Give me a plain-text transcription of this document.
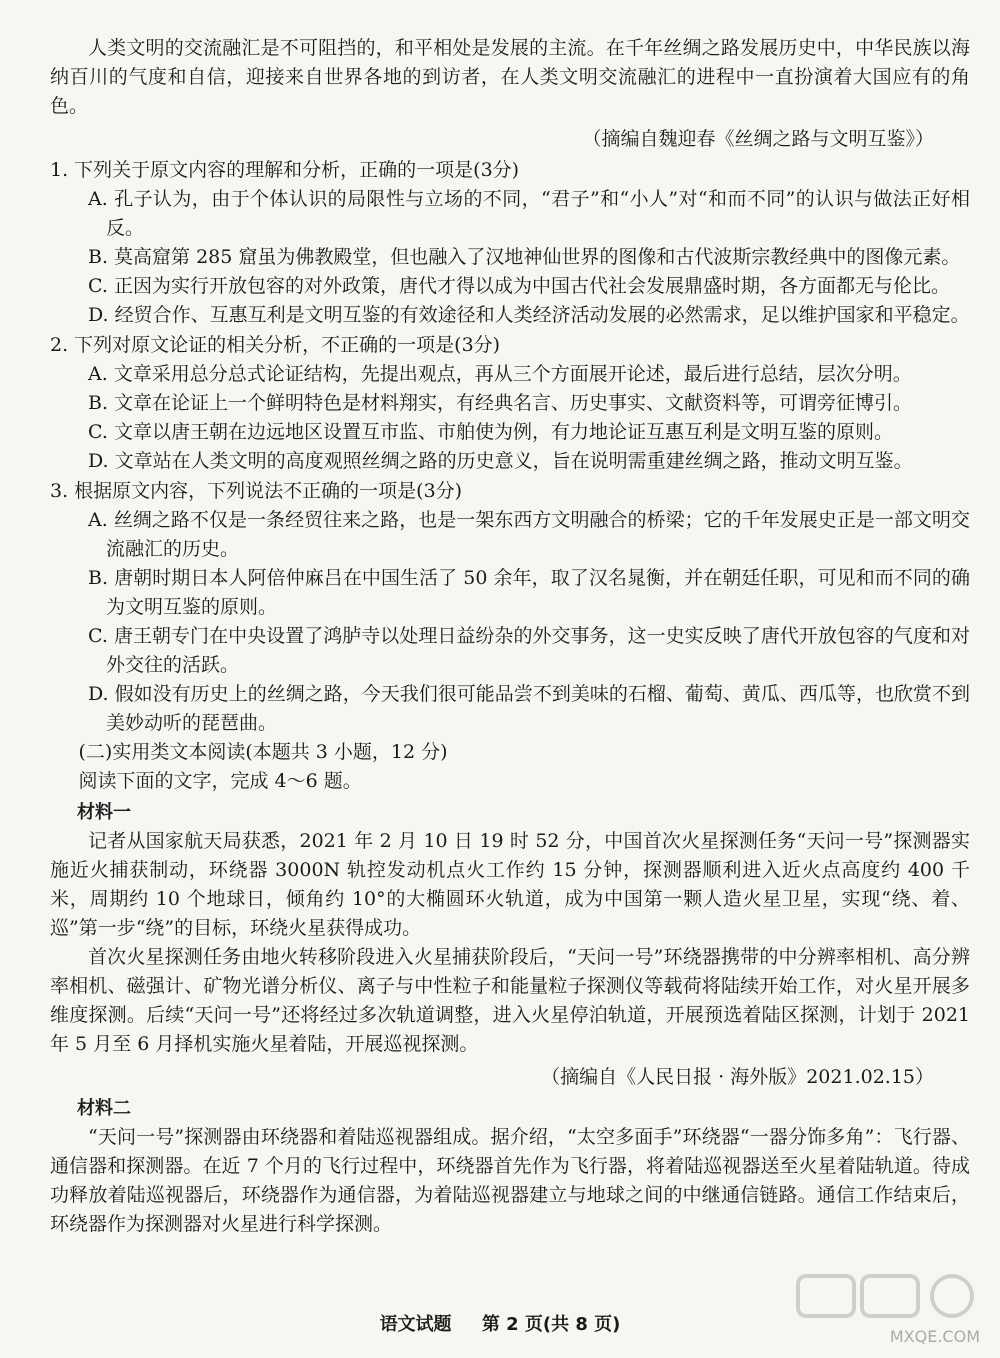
人类文明的交流融汇是不可阻挡的，和平相处是发展的主流。在千年丝绸之路发展历史中，中华民族以海纳百川的气度和自信，迎接来自世界各地的到访者，在人类文明交流融汇的进程中一直扮演着大国应有的角色。

（摘编自魏迎春《丝绸之路与文明互鉴》）

1. 下列关于原文内容的理解和分析，正确的一项是(3分)

A. 孔子认为，由于个体认识的局限性与立场的不同，“君子”和“小人”对“和而不同”的认识与做法正好相反。

B. 莫高窟第 285 窟虽为佛教殿堂，但也融入了汉地神仙世界的图像和古代波斯宗教经典中的图像元素。

C. 正因为实行开放包容的对外政策，唐代才得以成为中国古代社会发展鼎盛时期，各方面都无与伦比。

D. 经贸合作、互惠互利是文明互鉴的有效途径和人类经济活动发展的必然需求，足以维护国家和平稳定。

2. 下列对原文论证的相关分析，不正确的一项是(3分)

A. 文章采用总分总式论证结构，先提出观点，再从三个方面展开论述，最后进行总结，层次分明。

B. 文章在论证上一个鲜明特色是材料翔实，有经典名言、历史事实、文献资料等，可谓旁征博引。

C. 文章以唐王朝在边远地区设置互市监、市舶使为例，有力地论证互惠互利是文明互鉴的原则。

D. 文章站在人类文明的高度观照丝绸之路的历史意义，旨在说明需重建丝绸之路，推动文明互鉴。

3. 根据原文内容，下列说法不正确的一项是(3分)

A. 丝绸之路不仅是一条经贸往来之路，也是一架东西方文明融合的桥梁；它的千年发展史正是一部文明交流融汇的历史。

B. 唐朝时期日本人阿倍仲麻吕在中国生活了 50 余年，取了汉名晁衡，并在朝廷任职，可见和而不同的确为文明互鉴的原则。

C. 唐王朝专门在中央设置了鸿胪寺以处理日益纷杂的外交事务，这一史实反映了唐代开放包容的气度和对外交往的活跃。

D. 假如没有历史上的丝绸之路，今天我们很可能品尝不到美味的石榴、葡萄、黄瓜、西瓜等，也欣赏不到美妙动听的琵琶曲。

(二)实用类文本阅读(本题共 3 小题，12 分)

阅读下面的文字，完成 4～6 题。

材料一

记者从国家航天局获悉，2021 年 2 月 10 日 19 时 52 分，中国首次火星探测任务“天问一号”探测器实施近火捕获制动，环绕器 3000N 轨控发动机点火工作约 15 分钟，探测器顺利进入近火点高度约 400 千米，周期约 10 个地球日，倾角约 10°的大椭圆环火轨道，成为中国第一颗人造火星卫星，实现“绕、着、巡”第一步“绕”的目标，环绕火星获得成功。

首次火星探测任务由地火转移阶段进入火星捕获阶段后，“天问一号”环绕器携带的中分辨率相机、高分辨率相机、磁强计、矿物光谱分析仪、离子与中性粒子和能量粒子探测仪等载荷将陆续开始工作，对火星开展多维度探测。后续“天问一号”还将经过多次轨道调整，进入火星停泊轨道，开展预选着陆区探测，计划于 2021 年 5 月至 6 月择机实施火星着陆，开展巡视探测。

（摘编自《人民日报 · 海外版》2021.02.15）

材料二

“天问一号”探测器由环绕器和着陆巡视器组成。据介绍，“太空多面手”环绕器“一器分饰多角”：飞行器、通信器和探测器。在近 7 个月的飞行过程中，环绕器首先作为飞行器，将着陆巡视器送至火星着陆轨道。待成功释放着陆巡视器后，环绕器作为通信器，为着陆巡视器建立与地球之间的中继通信链路。通信工作结束后，环绕器作为探测器对火星进行科学探测。

语文试题 第 2 页(共 8 页)
MXQE.COM
